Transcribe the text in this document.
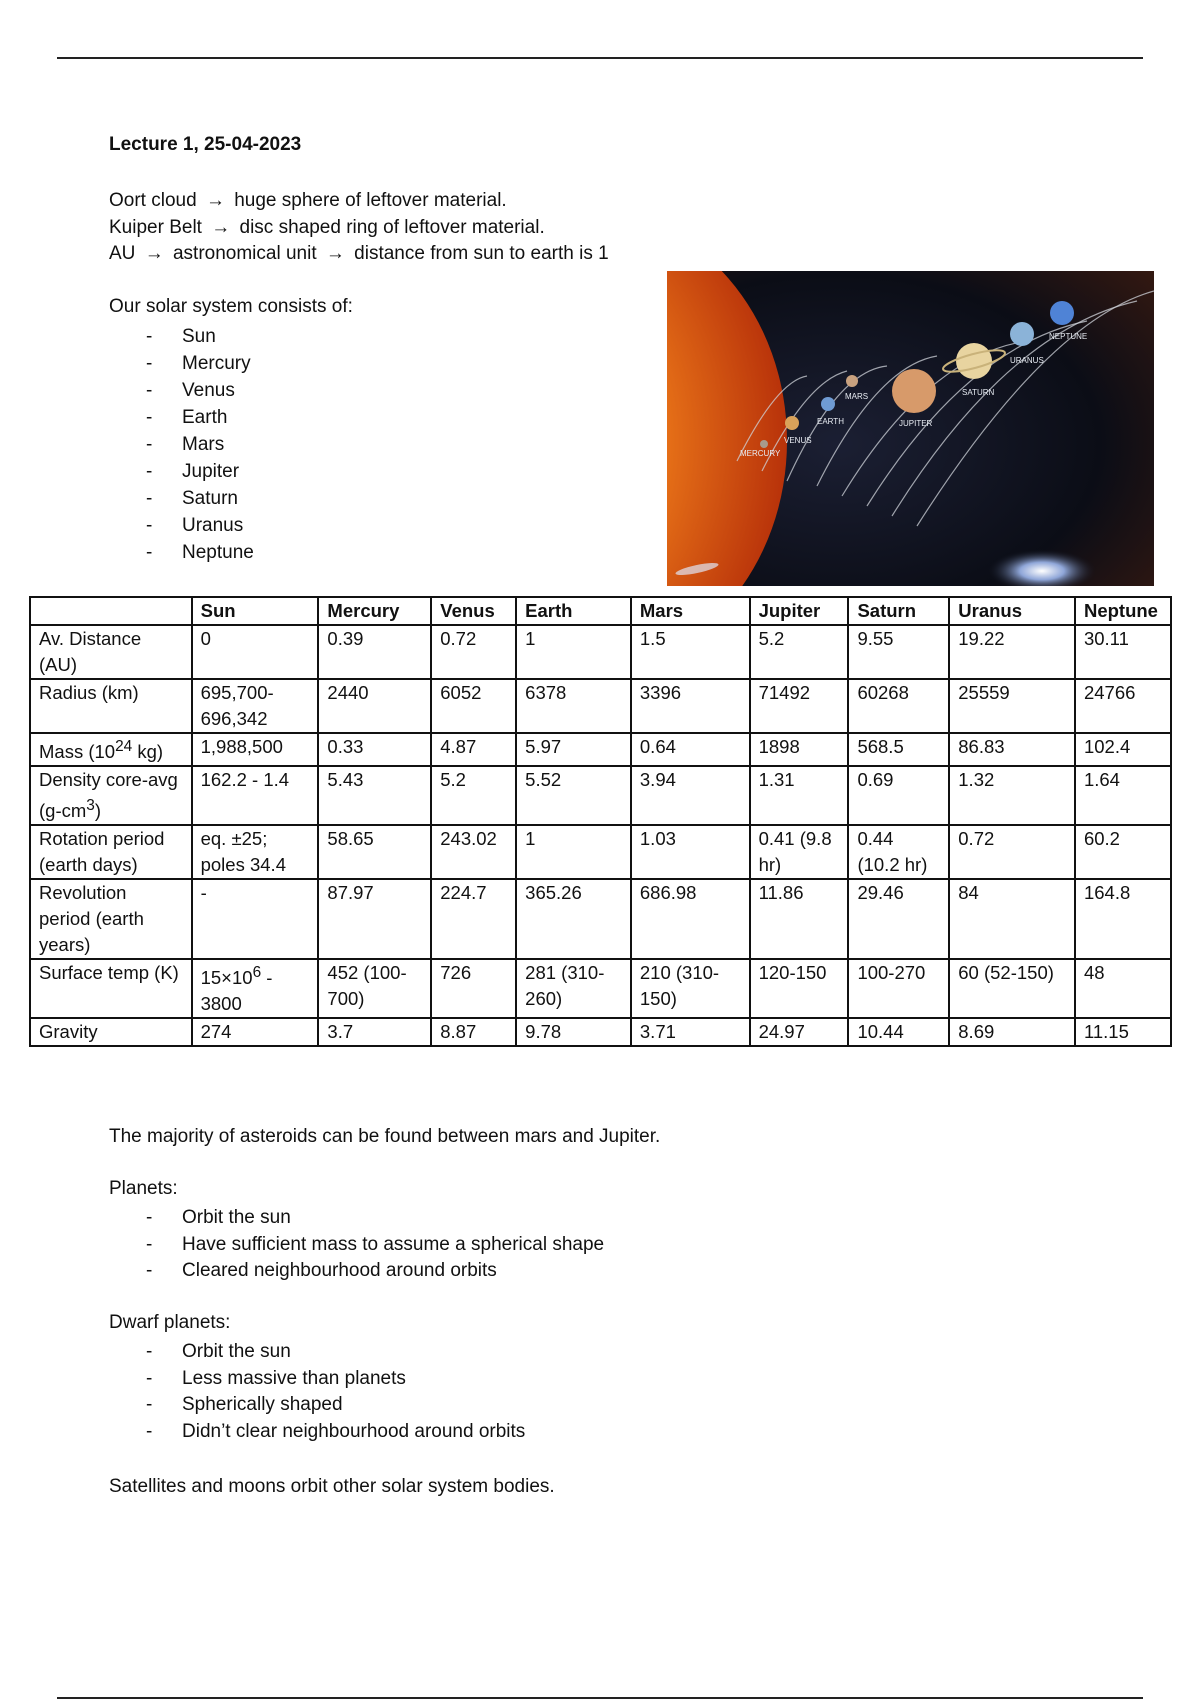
Lecture 1, 25-04-2023
Oort cloud → huge sphere of leftover material.
Kuiper Belt → disc shaped ring of leftover material.
AU → astronomical unit → distance from sun to earth is 1
Our solar system consists of:
- Sun
- Mercury
- Venus
- Earth
- Mars
- Jupiter
- Saturn
- Uranus
- Neptune
MERCURY
VENUS
EARTH
MARS
JUPITER
SATURN
URANUS
NEPTUNE
	Sun	Mercury	Venus	Earth	Mars	Jupiter	Saturn	Uranus	Neptune
Av. Distance (AU)	0	0.39	0.72	1	1.5	5.2	9.55	19.22	30.11
Radius (km)	695,700-696,342	2440	6052	6378	3396	71492	60268	25559	24766
Mass ($10^{24}$ kg)	1,988,500	0.33	4.87	5.97	0.64	1898	568.5	86.83	102.4
Density core-avg $(g-cm^3)$	162.2 - 1.4	5.43	5.2	5.52	3.94	1.31	0.69	1.32	1.64
Rotation period (earth days)	eq. ±25; poles 34.4	58.65	243.02	1	1.03	0.41 (9.8 hr)	0.44 (10.2 hr)	0.72	60.2
Revolution period (earth years)	-	87.97	224.7	365.26	686.98	11.86	29.46	84	164.8
Surface temp (K)	$15\times 10^6 - 3800$	452 (100-700)	726	281 (310-260)	210 (310-150)	120-150	100-270	60 (52-150)	48
Gravity	274	3.7	8.87	9.78	3.71	24.97	10.44	8.69	11.15
The majority of asteroids can be found between mars and Jupiter.
Planets:
- Orbit the sun
- Have sufficient mass to assume a spherical shape
- Cleared neighbourhood around orbits
Dwarf planets:
- Orbit the sun
- Less massive than planets
- Spherically shaped
- Didn’t clear neighbourhood around orbits
Satellites and moons orbit other solar system bodies.
